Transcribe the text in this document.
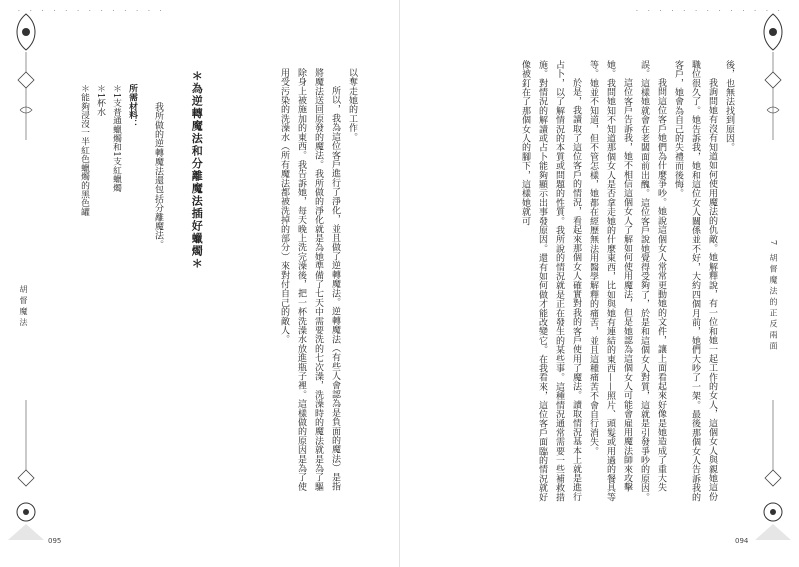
· · · · · · · · · · · · ·
胡督魔法

以奪走她的工作。

所以，我為這位客戶進行了淨化，並且做了逆轉魔法。逆轉魔法（有些人會認為是負面的魔法）是指將魔法送回原發的魔法。我所做的淨化就是為她準備了七天中需要洗的七次澡，洗澡時的魔法就是為了驅除身上被施加的東西。我告訴她，每天晚上洗完澡後，把一杯洗澡水放進瓶子裡。這樣做的原因是為了使用受污染的洗澡水（所有魔法都被洗掉的部分）來對付自己的敵人。

＊為逆轉魔法和分離魔法插好蠟燭＊

我所做的逆轉魔法還包括分離魔法。

所需材料：
＊1支普通蠟燭和1支紅蠟燭
＊1杯水
＊能夠浸沒一半紅色蠟燭的黑色罐
095
· · · · · · · · · · · · ·
7 胡督魔法的正反兩面

後，也無法找到原因。

我詢問她有沒有知道如何使用魔法的仇敵。她解釋說，有一位和她一起工作的女人，這個女人與親她這份職位很久了。她告訴我，她和這位女人關係並不好，大約四個月前，她們大吵了一架。最後那個女人告訴我的客戶，她會為自己的失禮而後悔。

我問這位客戶她們為什麼爭吵。她說這個女人常常更動她的文件，讓上面看起來好像是她造成了重大失誤。這樣她就會在老闆面前出醜。這位客戶說她覺得受夠了，於是和這個女人對質，這就是引發爭吵的原因。

這位客戶告訴我，她不相信這個女人了解如何使用魔法，但是她認為這個女人可能會雇用魔法師來攻擊她。我問她知不知道那個女人是否拿走她的什麼東西，比如與她有連結的東西——照片、頭髮或用過的餐具等等。她並不知道，但不管怎樣，她都在經歷無法用醫學解釋的痛苦，並且這種痛苦不會自行消失。

於是，我讀取了這位客戶的情況，看起來那個女人確實對我的客戶使用了魔法。讀取情況基本上就是進行占卜，以了解情況的本質或問題的性質。我所說的情況就是正在發生的某些事。這種情況通常需要一些補救措施。對情況的解讀或占卜能夠顯示出事發原因。還有如何做才能改變它。在我看來，這位客戶面臨的情況就好像被釘在了那個女人的腳下，這樣她就可

094
